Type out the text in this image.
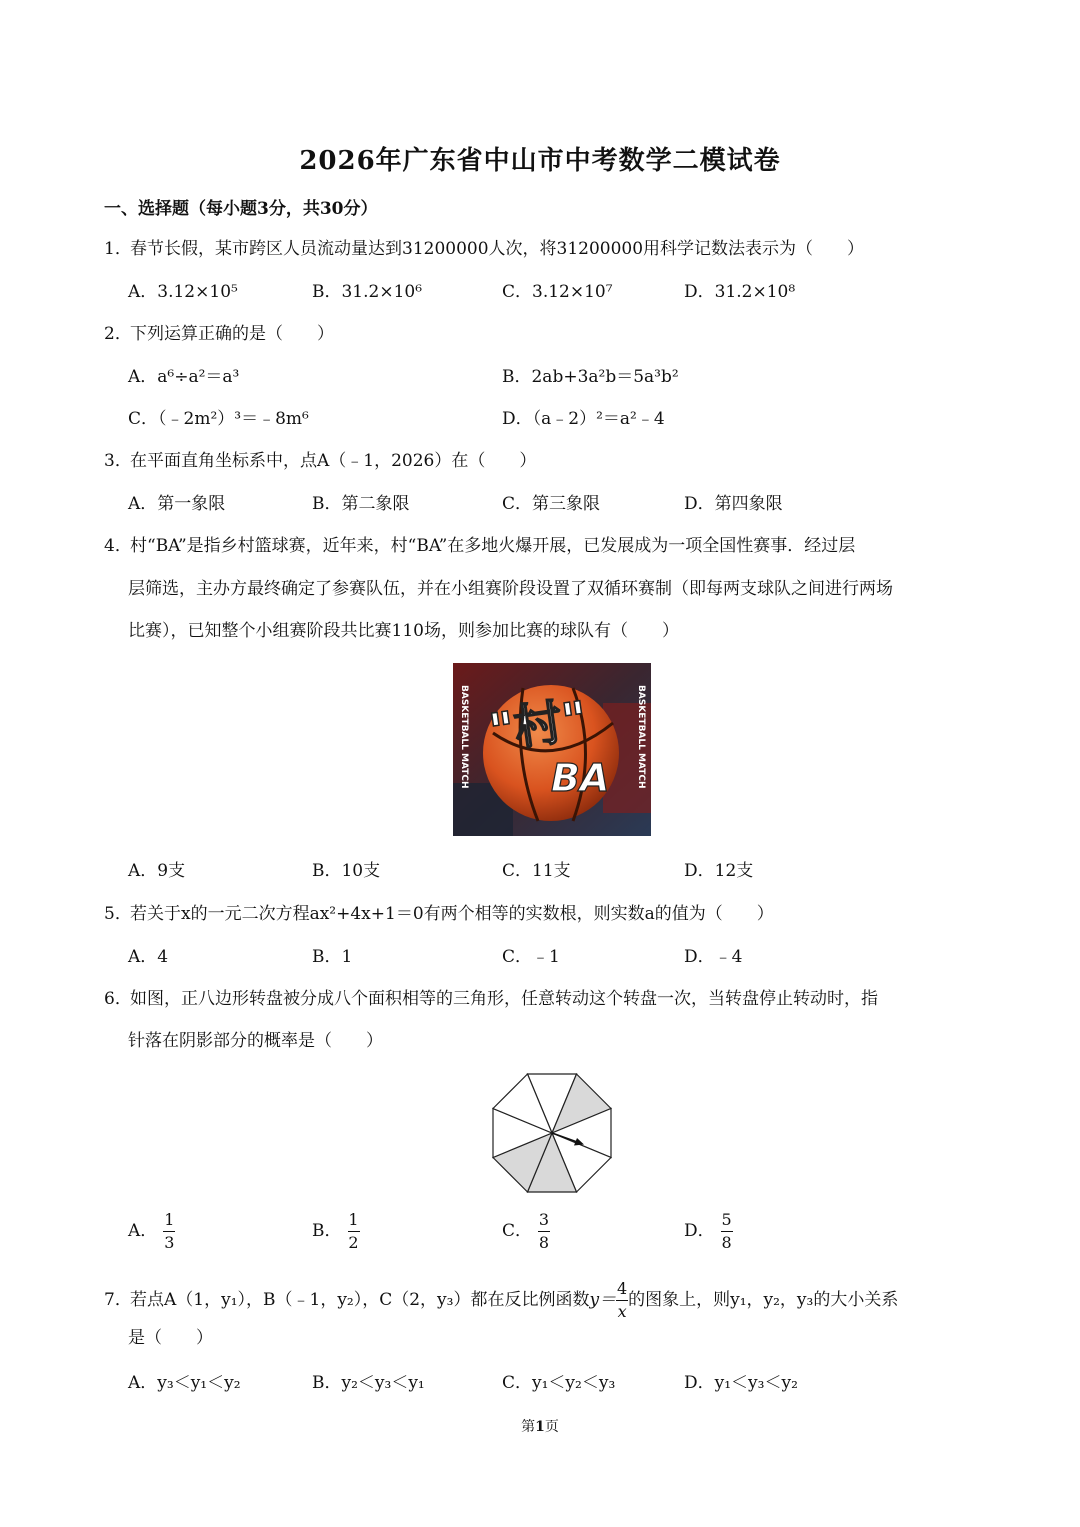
2026年广东省中山市中考数学二模试卷
一、选择题（每小题3分，共30分）
1．春节长假，某市跨区人员流动量达到31200000人次，将31200000用科学记数法表示为（　　）
A．3.12×10⁵	B．31.2×10⁶	C．3.12×10⁷	D．31.2×10⁸
2．下列运算正确的是（　　）
A．a⁶÷a²＝a³	B．2ab+3a²b＝5a³b²
C．（﹣2m²）³＝﹣8m⁶	D．（a﹣2）²＝a²﹣4
3．在平面直角坐标系中，点A（﹣1，2026）在（　　）
A．第一象限	B．第二象限	C．第三象限	D．第四象限
4．村“BA”是指乡村篮球赛，近年来，村“BA”在多地火爆开展，已发展成为一项全国性赛事．经过层
层筛选，主办方最终确定了参赛队伍，并在小组赛阶段设置了双循环赛制（即每两支球队之间进行两场
比赛），已知整个小组赛阶段共比赛110场，则参加比赛的球队有（　　）
"村"
BA
BASKETBALL MATCH	BASKETBALL MATCH
A．9支	B．10支	C．11支	D．12支
5．若关于x的一元二次方程ax²+4x+1＝0有两个相等的实数根，则实数a的值为（　　）
A．4	B．1	C．﹣1	D．﹣4
6．如图，正八边形转盘被分成八个面积相等的三角形，任意转动这个转盘一次，当转盘停止转动时，指
针落在阴影部分的概率是（　　）
A． $\frac{1}{3}$	B． $\frac{1}{2}$	C． $\frac{3}{8}$	D． $\frac{5}{8}$
7．若点A（1，y₁），B（﹣1，y₂），C（2，y₃）都在反比例函数$y= \frac{4}{x}$ 的图象上，则y₁，y₂，y₃的大小关系
是（　　）
A．y₃＜y₁＜y₂	B．y₂＜y₃＜y₁	C．y₁＜y₂＜y₃	D．y₁＜y₃＜y₂
第1页
